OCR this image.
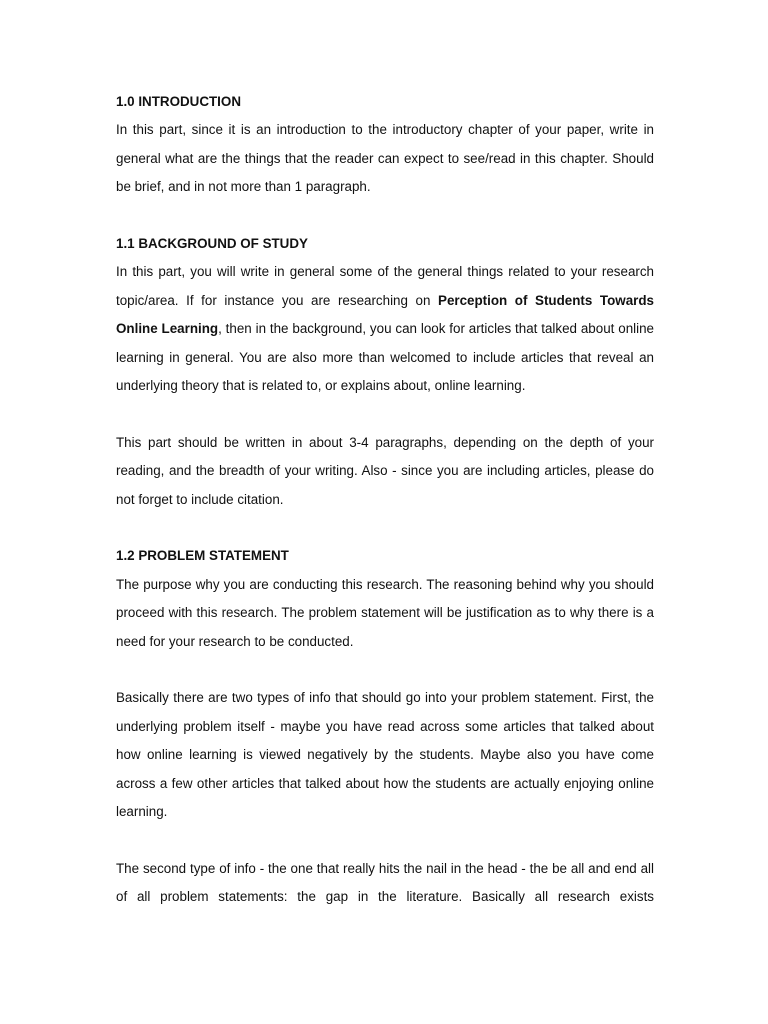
1.0 INTRODUCTION

In this part, since it is an introduction to the introductory chapter of your paper, write in general what are the things that the reader can expect to see/read in this chapter. Should be brief, and in not more than 1 paragraph.

1.1 BACKGROUND OF STUDY

In this part, you will write in general some of the general things related to your research topic/area. If for instance you are researching on Perception of Students Towards Online Learning, then in the background, you can look for articles that talked about online learning in general. You are also more than welcomed to include articles that reveal an underlying theory that is related to, or explains about, online learning.

This part should be written in about 3-4 paragraphs, depending on the depth of your reading, and the breadth of your writing. Also - since you are including articles, please do not forget to include citation.

1.2 PROBLEM STATEMENT

The purpose why you are conducting this research. The reasoning behind why you should proceed with this research. The problem statement will be justification as to why there is a need for your research to be conducted.

Basically there are two types of info that should go into your problem statement. First, the underlying problem itself - maybe you have read across some articles that talked about how online learning is viewed negatively by the students. Maybe also you have come across a few other articles that talked about how the students are actually enjoying online learning.

The second type of info - the one that really hits the nail in the head - the be all and end all of all problem statements: the gap in the literature. Basically all research exists
